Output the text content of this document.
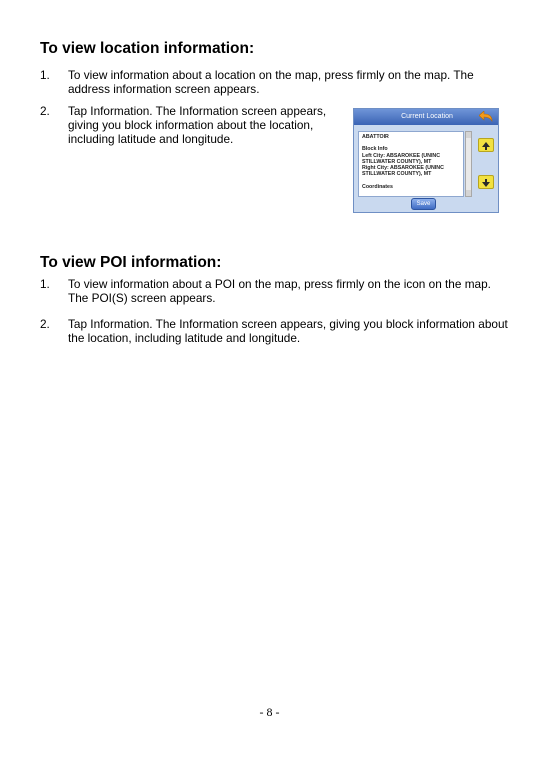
To view location information:
1. To view information about a location on the map, press firmly on the map. The address information screen appears.
2. Tap Information. The Information screen appears, giving you block information about the location, including latitude and longitude.
Current Location
ABATTOIR

Block Info
Left City: ABSAROKEE (UNINC
STILLWATER COUNTY), MT
Right City: ABSAROKEE (UNINC
STILLWATER COUNTY), MT

Coordinates
Save
To view POI information:
1. To view information about a POI on the map, press firmly on the icon on the map. The POI(S) screen appears.
2. Tap Information. The Information screen appears, giving you block information about the location, including latitude and longitude.
- 8 -
